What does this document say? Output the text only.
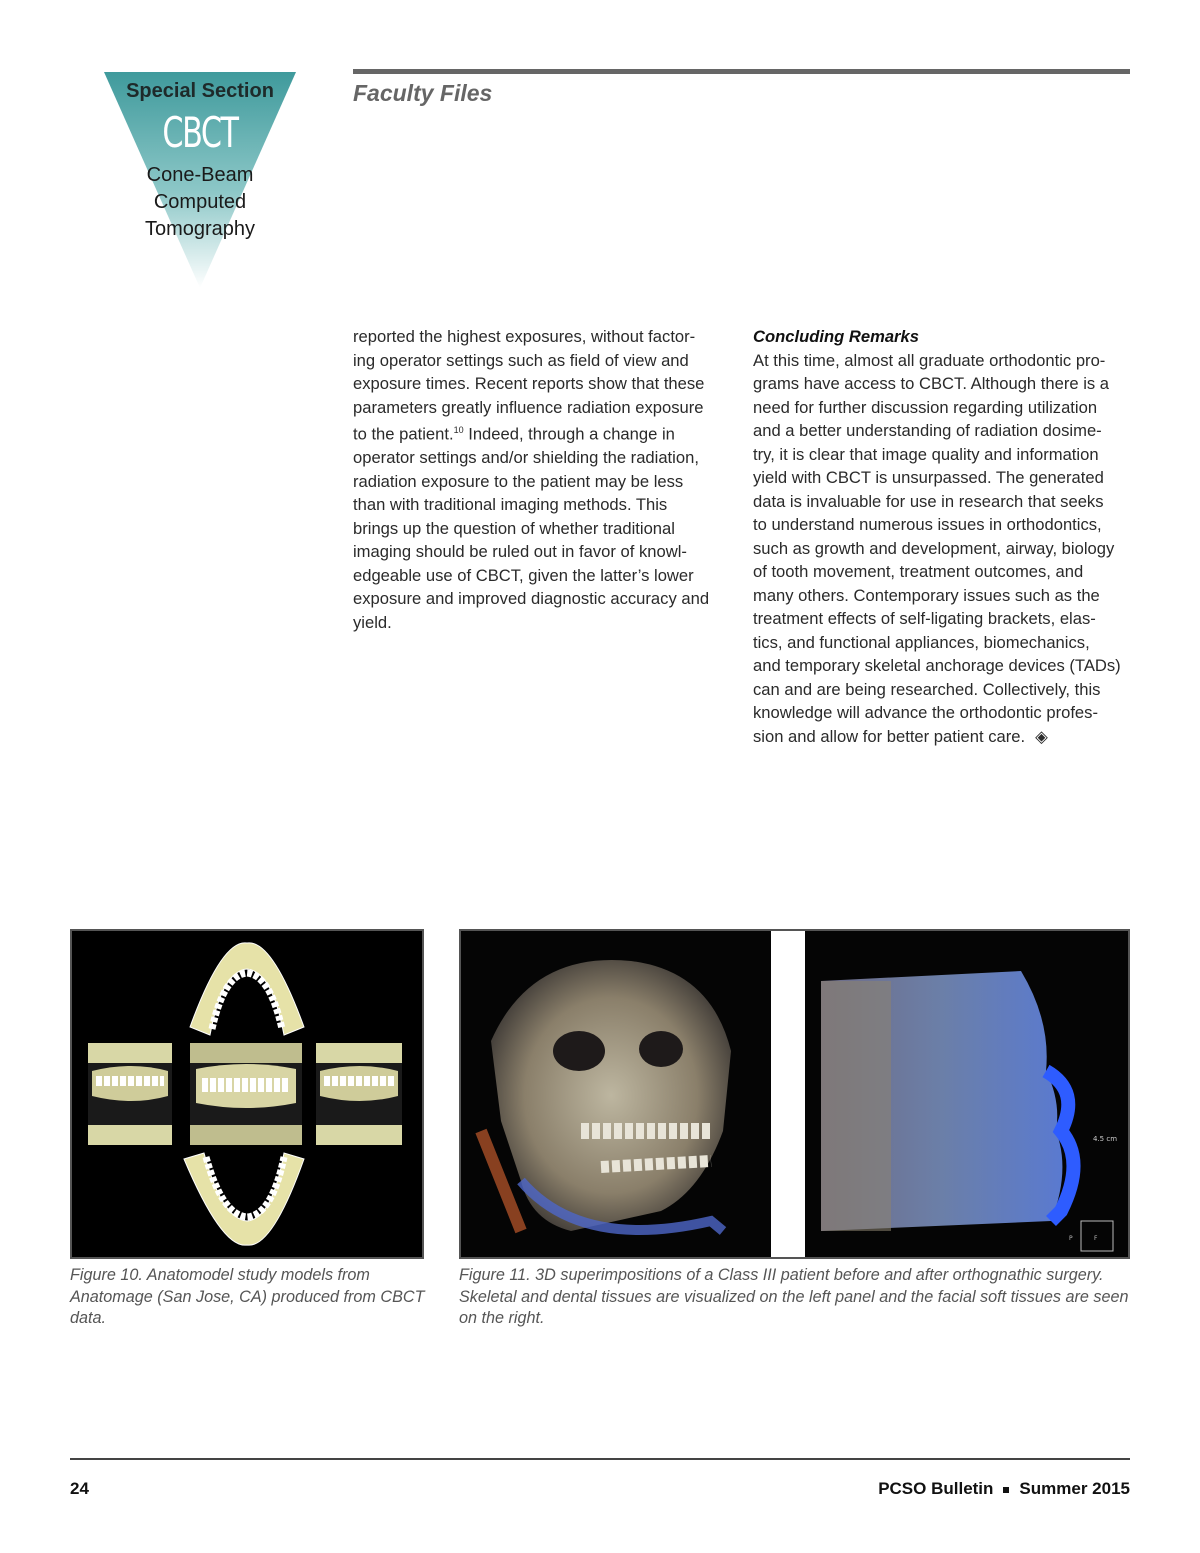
Special Section
CBCT
Cone-Beam
Computed
Tomography
Faculty Files
reported the highest exposures, without factor-
ing operator settings such as field of view and
exposure times. Recent reports show that these
parameters greatly influence radiation exposure
to the patient.$^{10}$ Indeed, through a change in
operator settings and/or shielding the radiation,
radiation exposure to the patient may be less
than with traditional imaging methods. This
brings up the question of whether traditional
imaging should be ruled out in favor of knowl-
edgeable use of CBCT, given the latter’s lower
exposure and improved diagnostic accuracy and
yield.
Concluding Remarks
At this time, almost all graduate orthodontic pro-
grams have access to CBCT. Although there is a
need for further discussion regarding utilization
and a better understanding of radiation dosime-
try, it is clear that image quality and information
yield with CBCT is unsurpassed. The generated
data is invaluable for use in research that seeks
to understand numerous issues in orthodontics,
such as growth and development, airway, biology
of tooth movement, treatment outcomes, and
many others. Contemporary issues such as the
treatment effects of self-ligating brackets, elas-
tics, and functional appliances, biomechanics,
and temporary skeletal anchorage devices (TADs)
can and are being researched. Collectively, this
knowledge will advance the orthodontic profes-
sion and allow for better patient care. ◈
4.5 cm
P	F
Figure 10. Anatomodel study models from Anatomage (San Jose, CA) produced from CBCT data.
Figure 11. 3D superimpositions of a Class III patient before and after orthognathic surgery. Skeletal and dental tissues are visualized on the left panel and the facial soft tissues are seen on the right.
24	PCSO Bulletin Summer 2015
